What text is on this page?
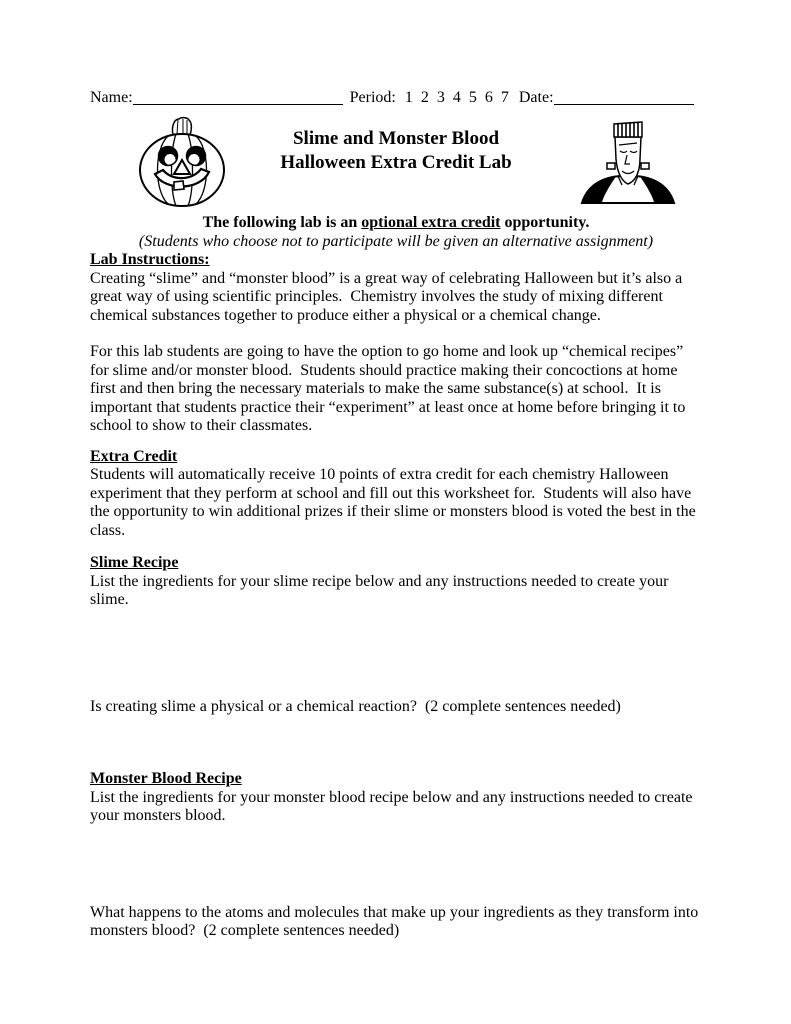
Name:	Period: 1  2  3  4  5  6  7 Date:
Slime and Monster Blood
Halloween Extra Credit Lab
The following lab is an optional extra credit opportunity.
(Students who choose not to participate will be given an alternative assignment)
Lab Instructions:

Creating “slime” and “monster blood” is a great way of celebrating Halloween but it’s also a great way of using scientific principles.  Chemistry involves the study of mixing different chemical substances together to produce either a physical or a chemical change.

For this lab students are going to have the option to go home and look up “chemical recipes” for slime and/or monster blood.  Students should practice making their concoctions at home first and then bring the necessary materials to make the same substance(s) at school.  It is important that students practice their “experiment” at least once at home before bringing it to school to show to their classmates.

Extra Credit

Students will automatically receive 10 points of extra credit for each chemistry Halloween experiment that they perform at school and fill out this worksheet for.  Students will also have the opportunity to win additional prizes if their slime or monsters blood is voted the best in the class.

Slime Recipe

List the ingredients for your slime recipe below and any instructions needed to create your slime.

Is creating slime a physical or a chemical reaction?  (2 complete sentences needed)

Monster Blood Recipe

List the ingredients for your monster blood recipe below and any instructions needed to create your monsters blood.

What happens to the atoms and molecules that make up your ingredients as they transform into monsters blood?  (2 complete sentences needed)
